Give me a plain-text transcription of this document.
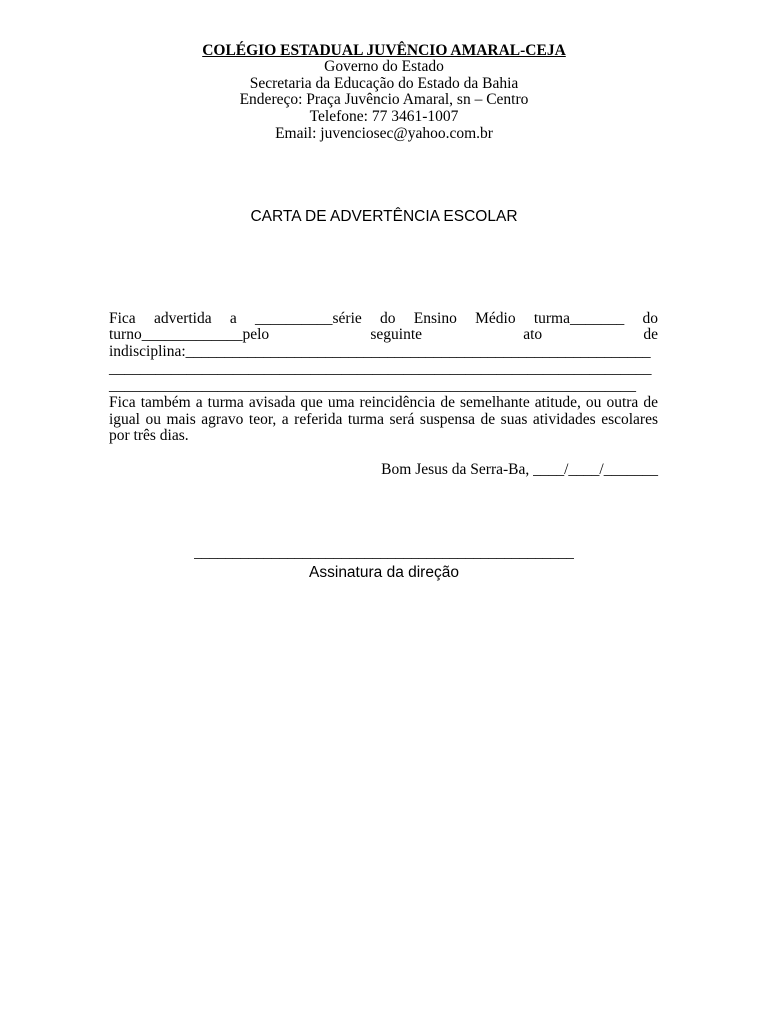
COLÉGIO ESTADUAL JUVÊNCIO AMARAL-CEJA
Governo do Estado
Secretaria da Educação do Estado da Bahia
Endereço: Praça Juvêncio Amaral, sn – Centro
Telefone: 77 3461-1007
Email: juvenciosec@yahoo.com.br
CARTA DE ADVERTÊNCIA ESCOLAR
Fica advertida a __________série do Ensino Médio turma_______ do
turno_____________pelo seguinte ato de
indisciplina:____________________________________________________________
______________________________________________________________________
____________________________________________________________________
Fica também a turma avisada que uma reincidência de semelhante atitude, ou outra de
igual ou mais agravo teor, a referida turma será suspensa de suas atividades escolares
por três dias.
Bom Jesus da Serra-Ba, ____/____/_______
_________________________________________________
Assinatura da direção
